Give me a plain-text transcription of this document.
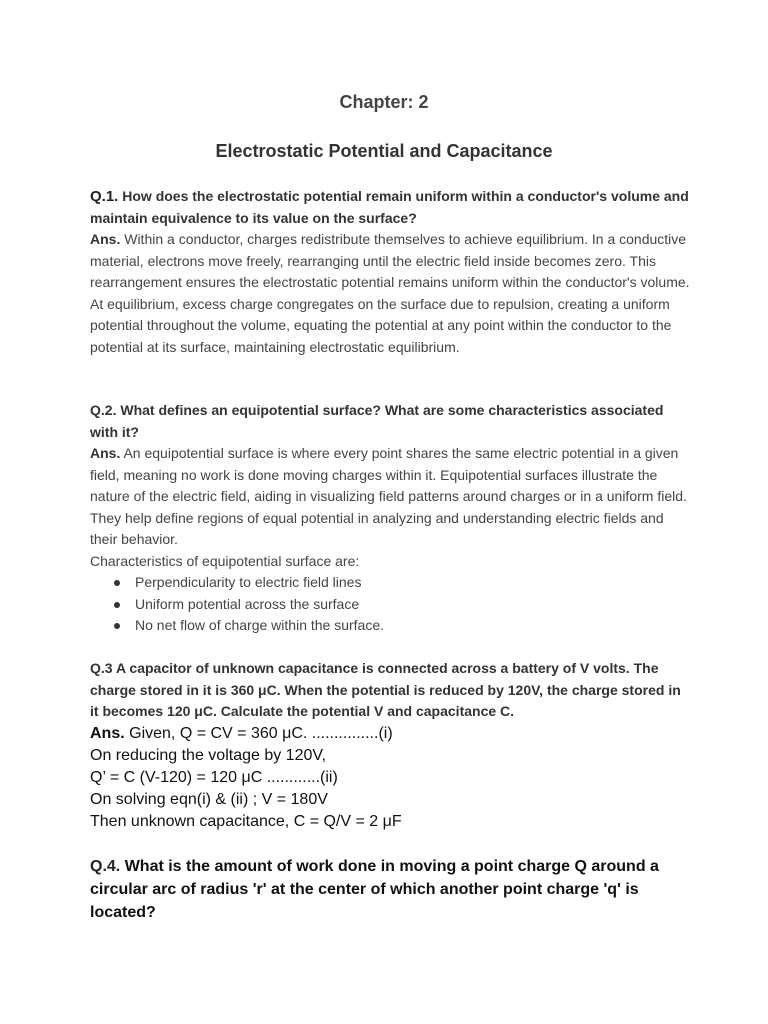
Chapter: 2
Electrostatic Potential and Capacitance
Q.1. How does the electrostatic potential remain uniform within a conductor's volume and maintain equivalence to its value on the surface?
Ans. Within a conductor, charges redistribute themselves to achieve equilibrium. In a conductive material, electrons move freely, rearranging until the electric field inside becomes zero. This rearrangement ensures the electrostatic potential remains uniform within the conductor's volume. At equilibrium, excess charge congregates on the surface due to repulsion, creating a uniform potential throughout the volume, equating the potential at any point within the conductor to the potential at its surface, maintaining electrostatic equilibrium.
Q.2. What defines an equipotential surface? What are some characteristics associated with it?
Ans. An equipotential surface is where every point shares the same electric potential in a given field, meaning no work is done moving charges within it. Equipotential surfaces illustrate the nature of the electric field, aiding in visualizing field patterns around charges or in a uniform field. They help define regions of equal potential in analyzing and understanding electric fields and their behavior.
Characteristics of equipotential surface are:
Perpendicularity to electric field lines
Uniform potential across the surface
No net flow of charge within the surface.
Q.3 A capacitor of unknown capacitance is connected across a battery of V volts. The charge stored in it is 360 μC. When the potential is reduced by 120V, the charge stored in it becomes 120 μC. Calculate the potential V and capacitance C.
Ans. Given, Q = CV = 360 μC. ...............(i)
On reducing the voltage by 120V,
Q’ = C (V-120) = 120 μC ............(ii)
On solving eqn(i) & (ii) ; V = 180V
Then unknown capacitance, C = Q/V = 2 μF
Q.4. What is the amount of work done in moving a point charge Q around a circular arc of radius 'r' at the center of which another point charge 'q' is located?
